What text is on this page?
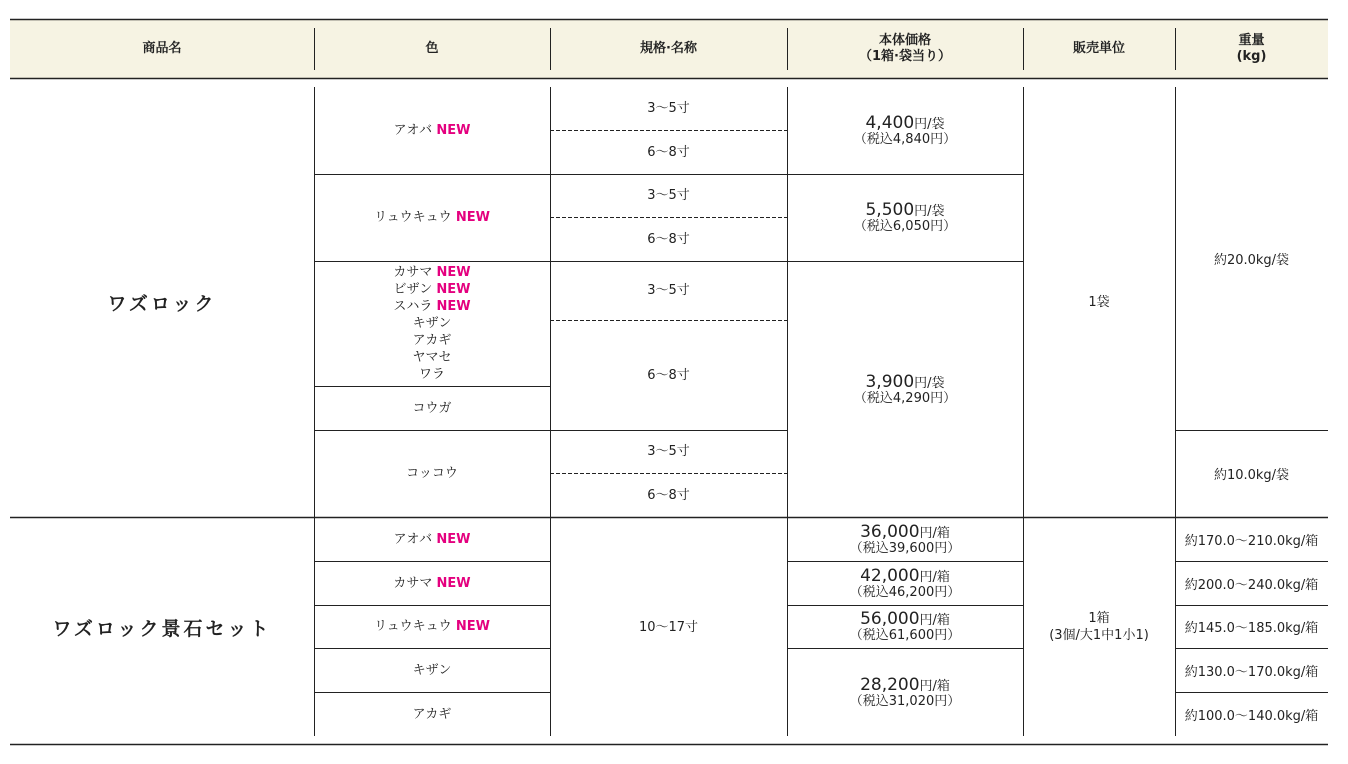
商品名	色	規格·名称
本体価格
（1箱·袋当り）
販売単位
重量
(kg)
ワズロック
アオバ NEW
リュウキュウ NEW
カサマ NEW
ビザン NEW
スハラ NEW
キザン
アカギ
ヤマセ
ワラ
コウガ
コッコウ
3～5寸
6～8寸
3～5寸
6～8寸
3～5寸
6～8寸
3～5寸
6～8寸
4,400円/袋
（税込4,840円）
5,500円/袋
（税込6,050円）
3,900円/袋
（税込4,290円）
1袋
約20.0kg/袋
約10.0kg/袋
ワズロック景石セット
アオバ NEW
カサマ NEW
リュウキュウ NEW
キザン
アカギ
10～17寸
36,000円/箱
（税込39,600円）
42,000円/箱
（税込46,200円）
56,000円/箱
（税込61,600円）
28,200円/箱
（税込31,020円）
1箱
(3個/大1中1小1)
約170.0～210.0kg/箱
約200.0～240.0kg/箱
約145.0～185.0kg/箱
約130.0～170.0kg/箱
約100.0～140.0kg/箱
